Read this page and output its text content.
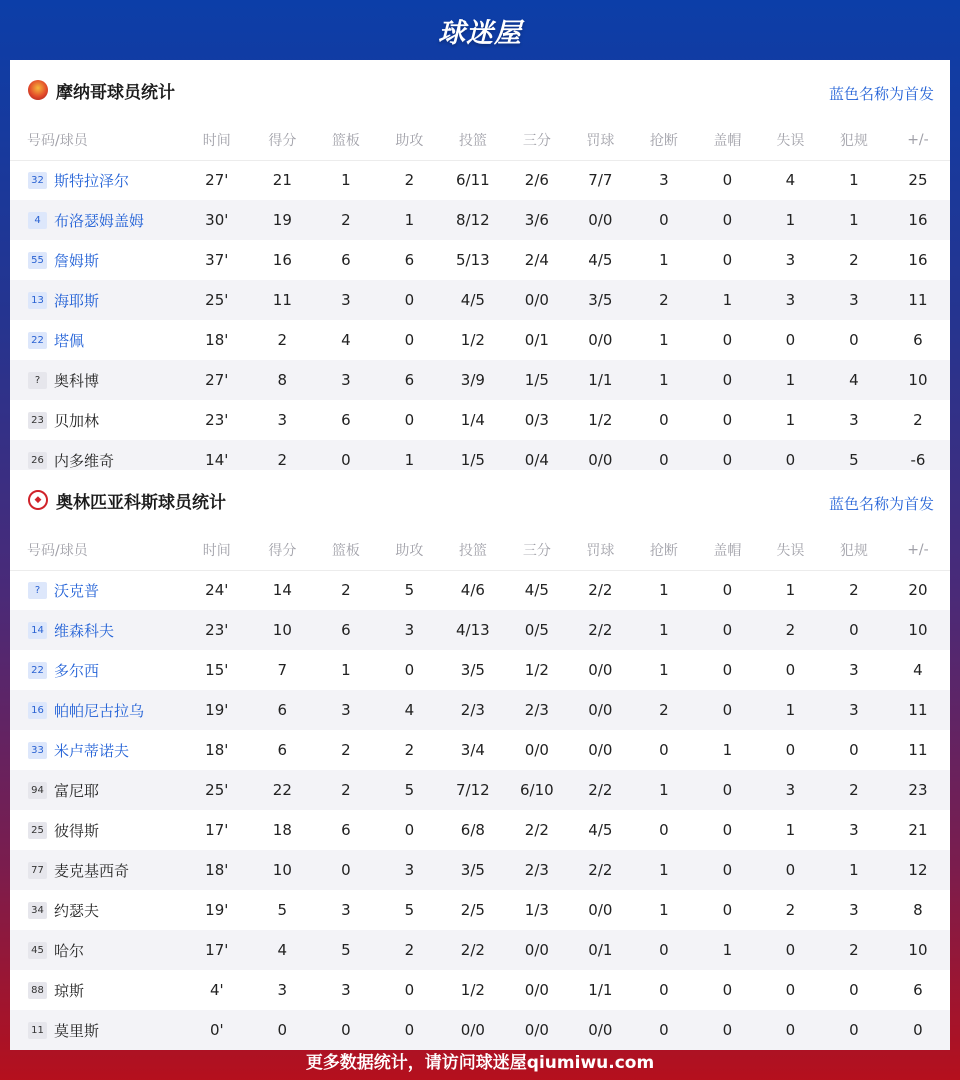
球迷屋
摩纳哥球员统计	蓝色名称为首发
号码/球员	时间	得分	篮板	助攻	投篮	三分	罚球	抢断	盖帽	失误	犯规	+/-
32 斯特拉泽尔	27'	21	1	2	6/11	2/6	7/7	3	0	4	1	25
4 布洛瑟姆盖姆	30'	19	2	1	8/12	3/6	0/0	0	0	1	1	16
55 詹姆斯	37'	16	6	6	5/13	2/4	4/5	1	0	3	2	16
13 海耶斯	25'	11	3	0	4/5	0/0	3/5	2	1	3	3	11
22 塔佩	18'	2	4	0	1/2	0/1	0/0	1	0	0	0	6
? 奥科博	27'	8	3	6	3/9	1/5	1/1	1	0	1	4	10
23 贝加林	23'	3	6	0	1/4	0/3	1/2	0	0	1	3	2
26 内多维奇	14'	2	0	1	1/5	0/4	0/0	0	0	0	5	-6
◆ 奥林匹亚科斯球员统计	蓝色名称为首发
号码/球员	时间	得分	篮板	助攻	投篮	三分	罚球	抢断	盖帽	失误	犯规	+/-
? 沃克普	24'	14	2	5	4/6	4/5	2/2	1	0	1	2	20
14 维森科夫	23'	10	6	3	4/13	0/5	2/2	1	0	2	0	10
22 多尔西	15'	7	1	0	3/5	1/2	0/0	1	0	0	3	4
16 帕帕尼古拉乌	19'	6	3	4	2/3	2/3	0/0	2	0	1	3	11
33 米卢蒂诺夫	18'	6	2	2	3/4	0/0	0/0	0	1	0	0	11
94 富尼耶	25'	22	2	5	7/12	6/10	2/2	1	0	3	2	23
25 彼得斯	17'	18	6	0	6/8	2/2	4/5	0	0	1	3	21
77 麦克基西奇	18'	10	0	3	3/5	2/3	2/2	1	0	0	1	12
34 约瑟夫	19'	5	3	5	2/5	1/3	0/0	1	0	2	3	8
45 哈尔	17'	4	5	2	2/2	0/0	0/1	0	1	0	2	10
88 琼斯	4'	3	3	0	1/2	0/0	1/1	0	0	0	0	6
11 莫里斯	0'	0	0	0	0/0	0/0	0/0	0	0	0	0	0
更多数据统计，请访问球迷屋qiumiwu.com
